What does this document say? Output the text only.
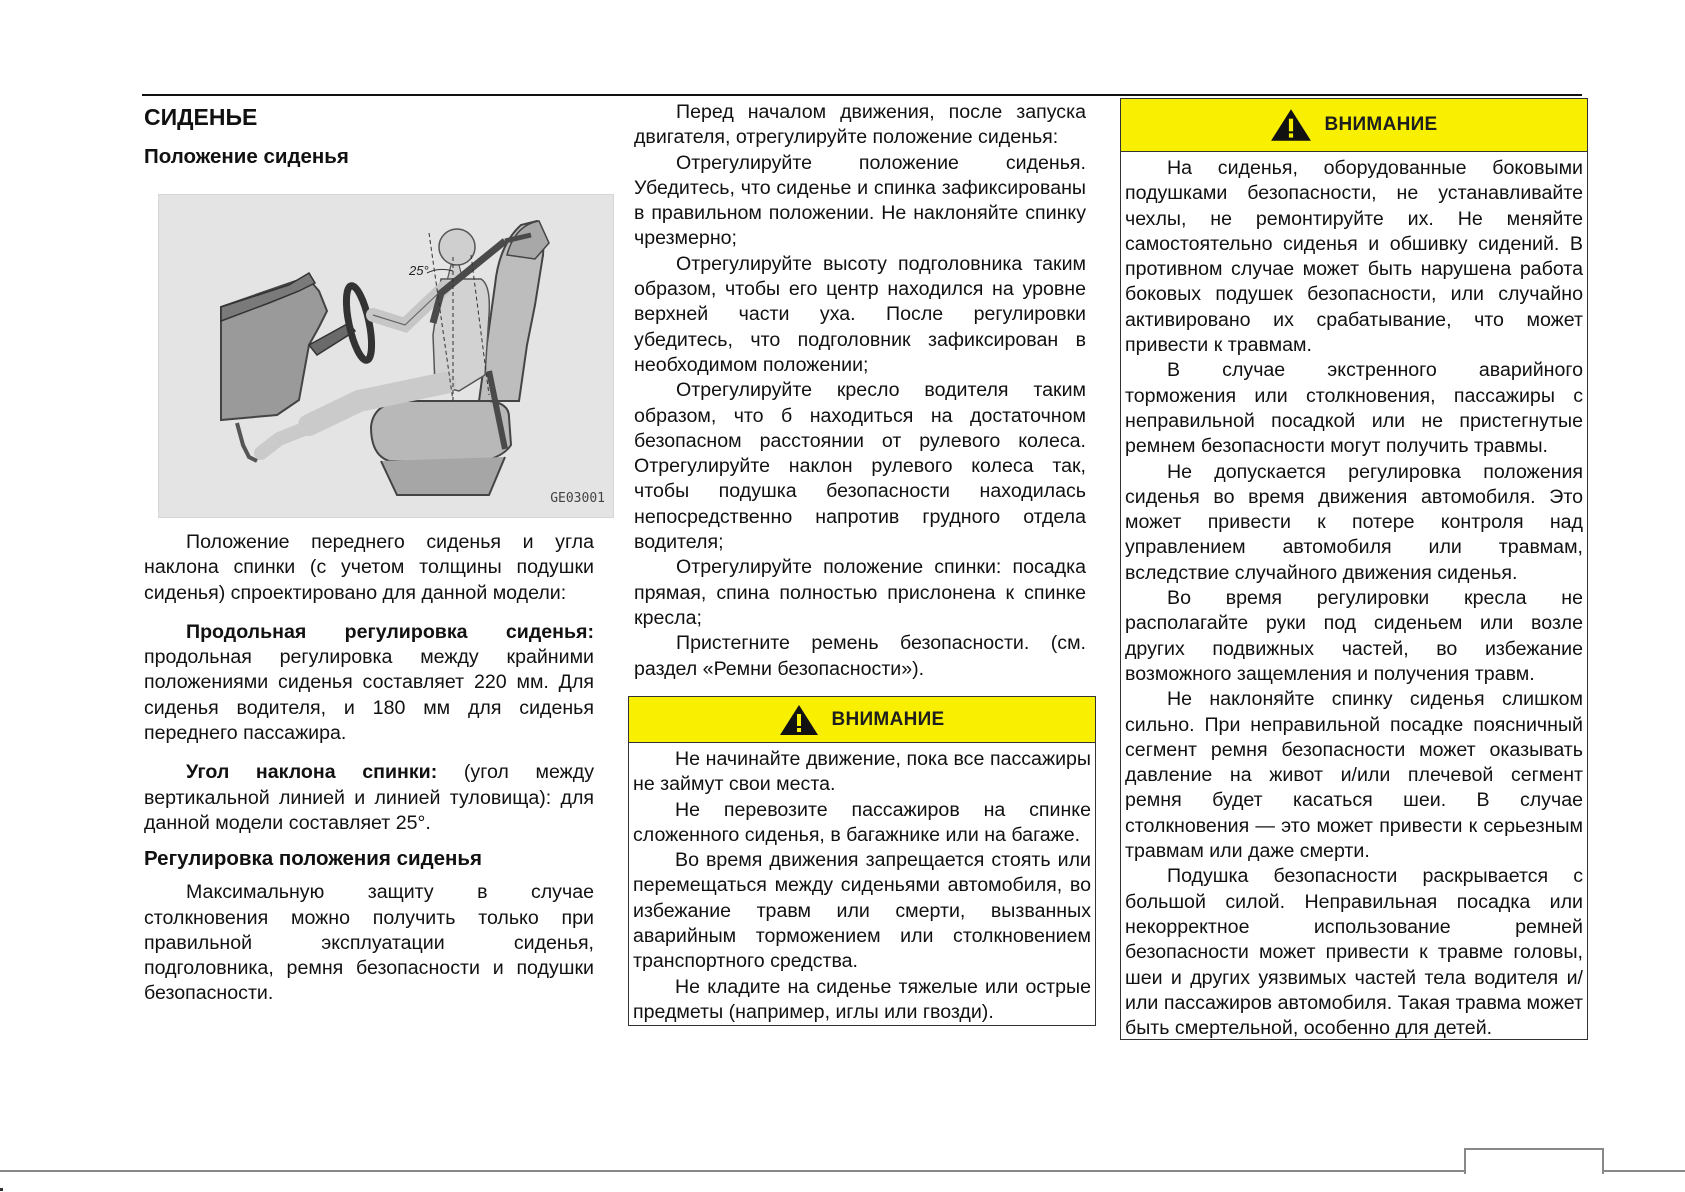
СИДЕНЬЕ
Положение сиденья
25°
GE03001

Положение переднего сиденья и угла наклона спинки (с учетом толщины подушки сиденья) спроектировано для данной модели:

Продольная регулировка сиденья: продольная регулировка между крайними положениями сиденья составляет 220 мм. Для сиденья водителя, и 180 мм для сиденья переднего пассажира.

Угол наклона спинки: (угол между вертикальной линией и линией туловища): для данной модели составляет 25°.

Регулировка положения сиденья

Максимальную защиту в случае столкновения можно получить только при правильной эксплуатации сиденья, подголовника, ремня безопасности и подушки безопасности.

Перед началом движения, после запуска двигателя, отрегулируйте положение сиденья:

Отрегулируйте положение сиденья. Убедитесь, что сиденье и спинка зафиксированы в правильном положении. Не наклоняйте спинку чрезмерно;

Отрегулируйте высоту подголовника таким образом, чтобы его центр находился на уровне верхней части уха. После регулировки убедитесь, что подголовник зафиксирован в необходимом положении;

Отрегулируйте кресло водителя таким образом, что б находиться на достаточном безопасном расстоянии от рулевого колеса. Отрегулируйте наклон рулевого колеса так, чтобы подушка безопасности находилась непосредственно напротив грудного отдела водителя;

Отрегулируйте положение спинки: посадка прямая, спина полностью прислонена к спинке кресла;

Пристегните ремень безопасности. (см. раздел «Ремни безопасности»).

ВНИМАНИЕ

Не начинайте движение, пока все пассажиры не займут свои места.

Не перевозите пассажиров на спинке сложенного сиденья, в багажнике или на багаже.

Во время движения запрещается стоять или перемещаться между сиденьями автомобиля, во избежание травм или смерти, вызванных аварийным торможением или столкновением транспортного средства.

Не кладите на сиденье тяжелые или острые предметы (например, иглы или гвозди).

ВНИМАНИЕ

На сиденья, оборудованные боковыми подушками безопасности, не устанавливайте чехлы, не ремонтируйте их. Не меняйте самостоятельно сиденья и обшивку сидений. В противном случае может быть нарушена работа боковых подушек безопасности, или случайно активировано их срабатывание, что может привести к травмам.

В случае экстренного аварийного торможения или столкновения, пассажиры с неправильной посадкой или не пристегнутые ремнем безопасности могут получить травмы.

Не допускается регулировка положения сиденья во время движения автомобиля. Это может привести к потере контроля над управлением автомобиля или травмам, вследствие случайного движения сиденья.

Во время регулировки кресла не располагайте руки под сиденьем или возле других подвижных частей, во избежание возможного защемления и получения травм.

Не наклоняйте спинку сиденья слишком сильно. При неправильной посадке поясничный сегмент ремня безопасности может оказывать давление на живот и/или плечевой сегмент ремня будет касаться шеи. В случае столкновения — это может привести к серьезным травмам или даже смерти.

Подушка безопасности раскрывается с большой силой. Неправильная посадка или некорректное использование ремней безопасности может привести к травме головы, шеи и других уязвимых частей тела водителя и/или пассажиров автомобиля. Такая травма может быть смертельной, особенно для детей.
